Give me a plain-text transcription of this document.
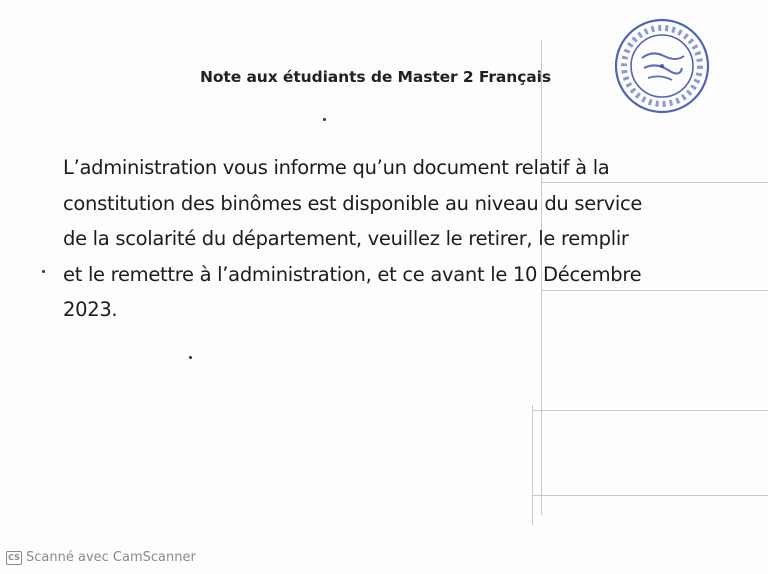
Note aux étudiants de Master 2 Français
L’administration vous informe qu’un document relatif à la
constitution des binômes est disponible au niveau du service
de la scolarité du département, veuillez le retirer, le remplir
et le remettre à l’administration, et ce avant le 10 Décembre
2023.
CS Scanné avec CamScanner
